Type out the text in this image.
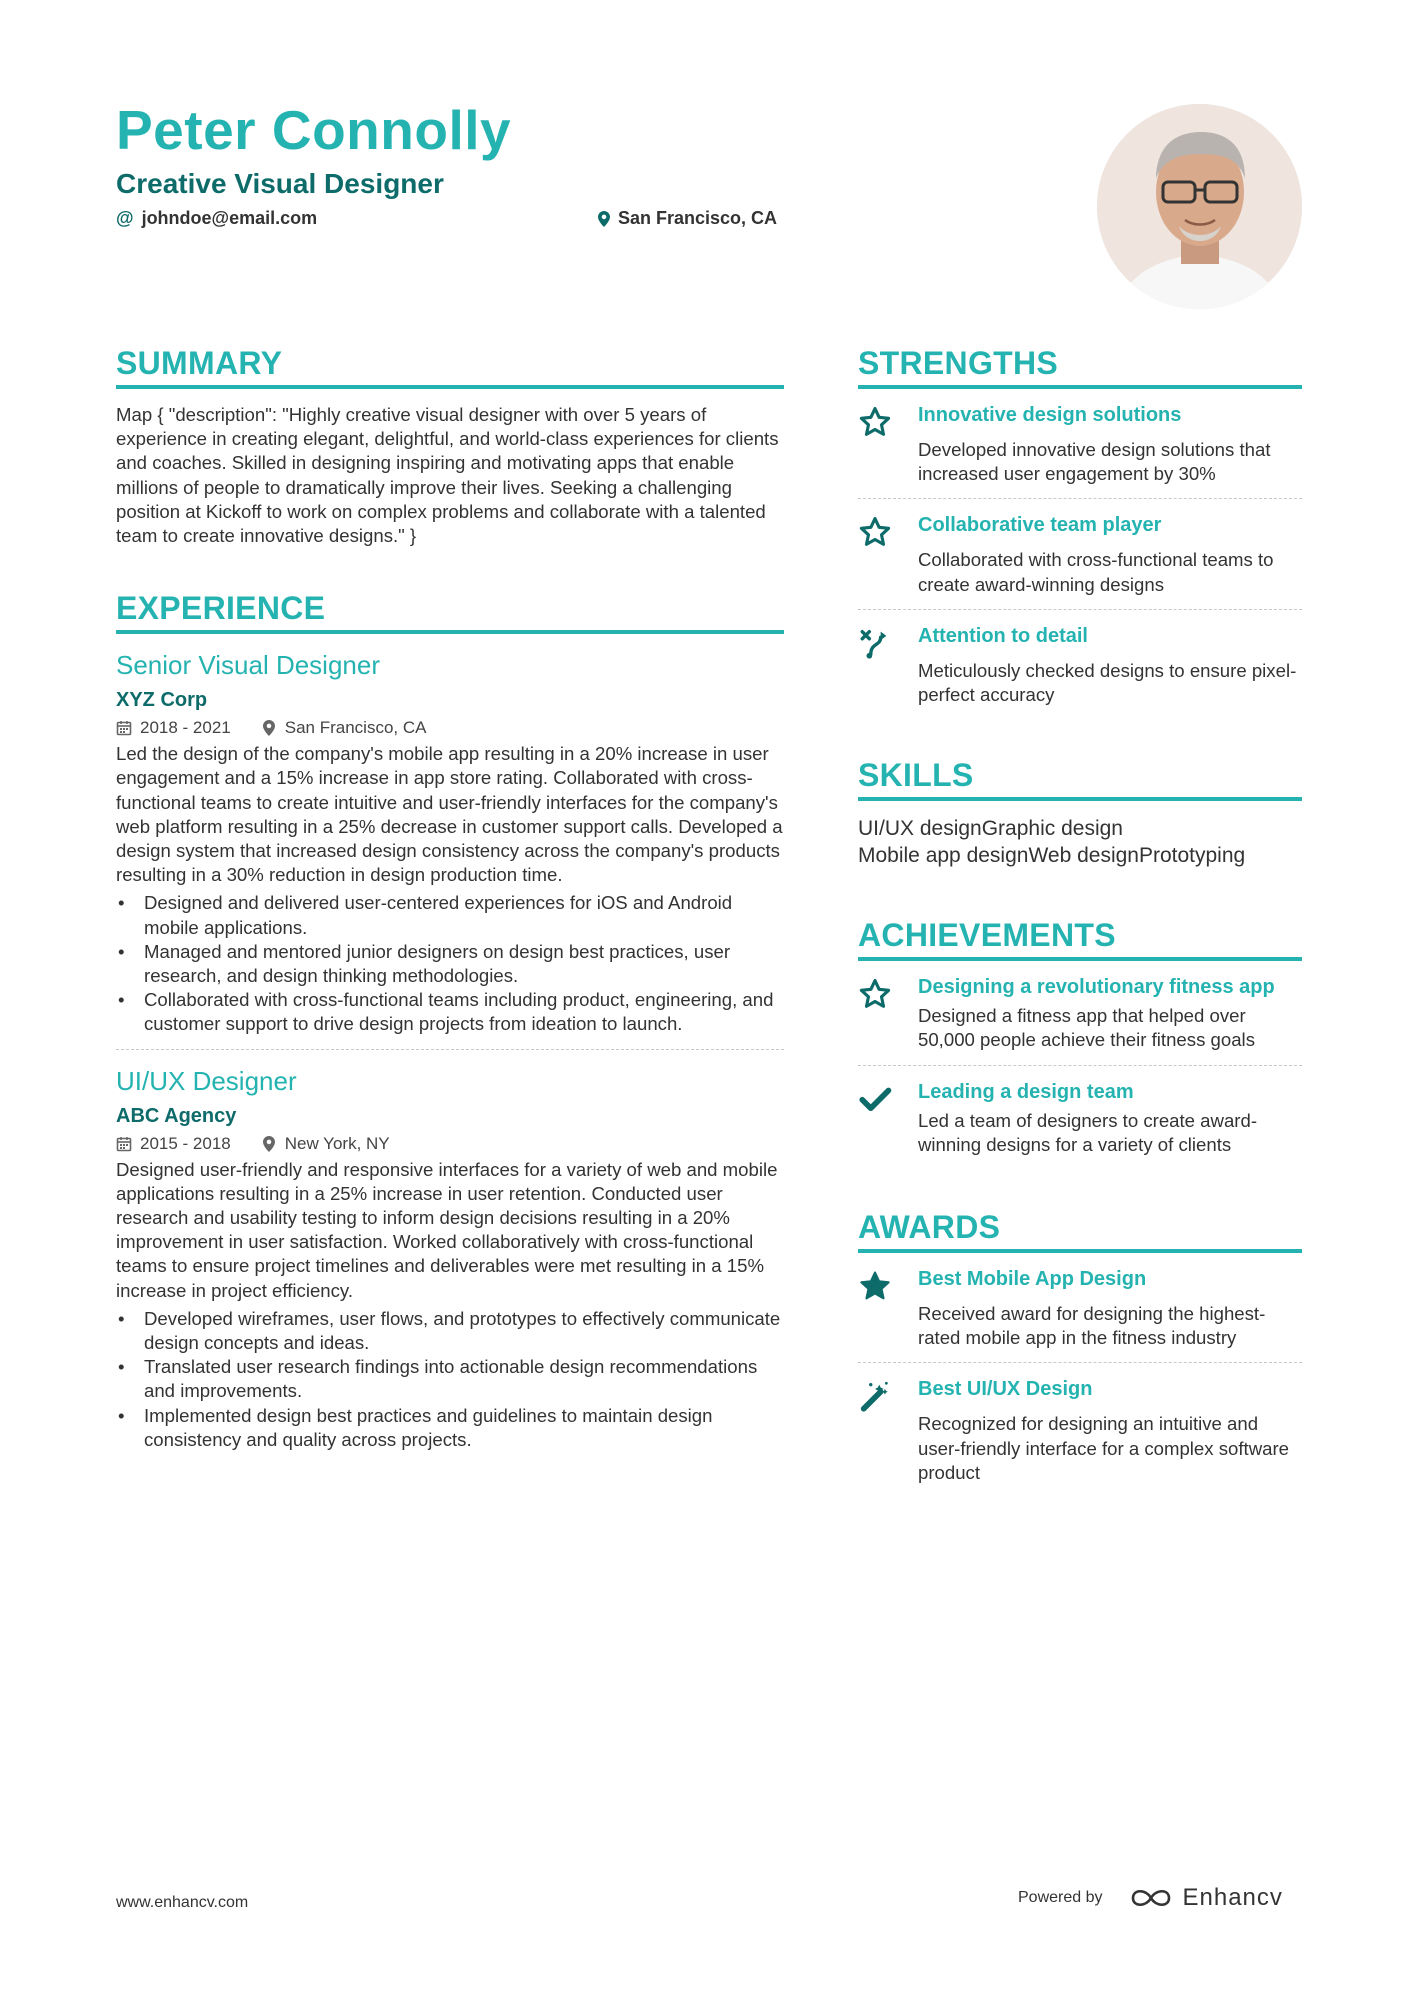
Peter Connolly
Creative Visual Designer
@ johndoe@email.com	San Francisco, CA
SUMMARY
Map { "description": "Highly creative visual designer with over 5 years of experience in creating elegant, delightful, and world-class experiences for clients and coaches. Skilled in designing inspiring and motivating apps that enable millions of people to dramatically improve their lives. Seeking a challenging position at Kickoff to work on complex problems and collaborate with a talented team to create innovative designs." }
EXPERIENCE
Senior Visual Designer
XYZ Corp
2018 - 2021	San Francisco, CA
Led the design of the company's mobile app resulting in a 20% increase in user engagement and a 15% increase in app store rating. Collaborated with cross-functional teams to create intuitive and user-friendly interfaces for the company's web platform resulting in a 25% decrease in customer support calls. Developed a design system that increased design consistency across the company's products resulting in a 30% reduction in design production time.
• Designed and delivered user-centered experiences for iOS and Android mobile applications.
• Managed and mentored junior designers on design best practices, user research, and design thinking methodologies.
• Collaborated with cross-functional teams including product, engineering, and customer support to drive design projects from ideation to launch.
UI/UX Designer
ABC Agency
2015 - 2018	New York, NY
Designed user-friendly and responsive interfaces for a variety of web and mobile applications resulting in a 25% increase in user retention. Conducted user research and usability testing to inform design decisions resulting in a 20% improvement in user satisfaction. Worked collaboratively with cross-functional teams to ensure project timelines and deliverables were met resulting in a 15% increase in project efficiency.
• Developed wireframes, user flows, and prototypes to effectively communicate design concepts and ideas.
• Translated user research findings into actionable design recommendations and improvements.
• Implemented design best practices and guidelines to maintain design consistency and quality across projects.
STRENGTHS
Innovative design solutions
Developed innovative design solutions that increased user engagement by 30%
Collaborative team player
Collaborated with cross-functional teams to create award-winning designs
Attention to detail
Meticulously checked designs to ensure pixel-perfect accuracy
SKILLS
UI/UX designGraphic design
Mobile app designWeb designPrototyping
ACHIEVEMENTS
Designing a revolutionary fitness app
Designed a fitness app that helped over 50,000 people achieve their fitness goals
Leading a design team
Led a team of designers to create award-winning designs for a variety of clients
AWARDS
Best Mobile App Design
Received award for designing the highest-rated mobile app in the fitness industry
Best UI/UX Design
Recognized for designing an intuitive and user-friendly interface for a complex software product
www.enhancv.com	Powered by	Enhancv
